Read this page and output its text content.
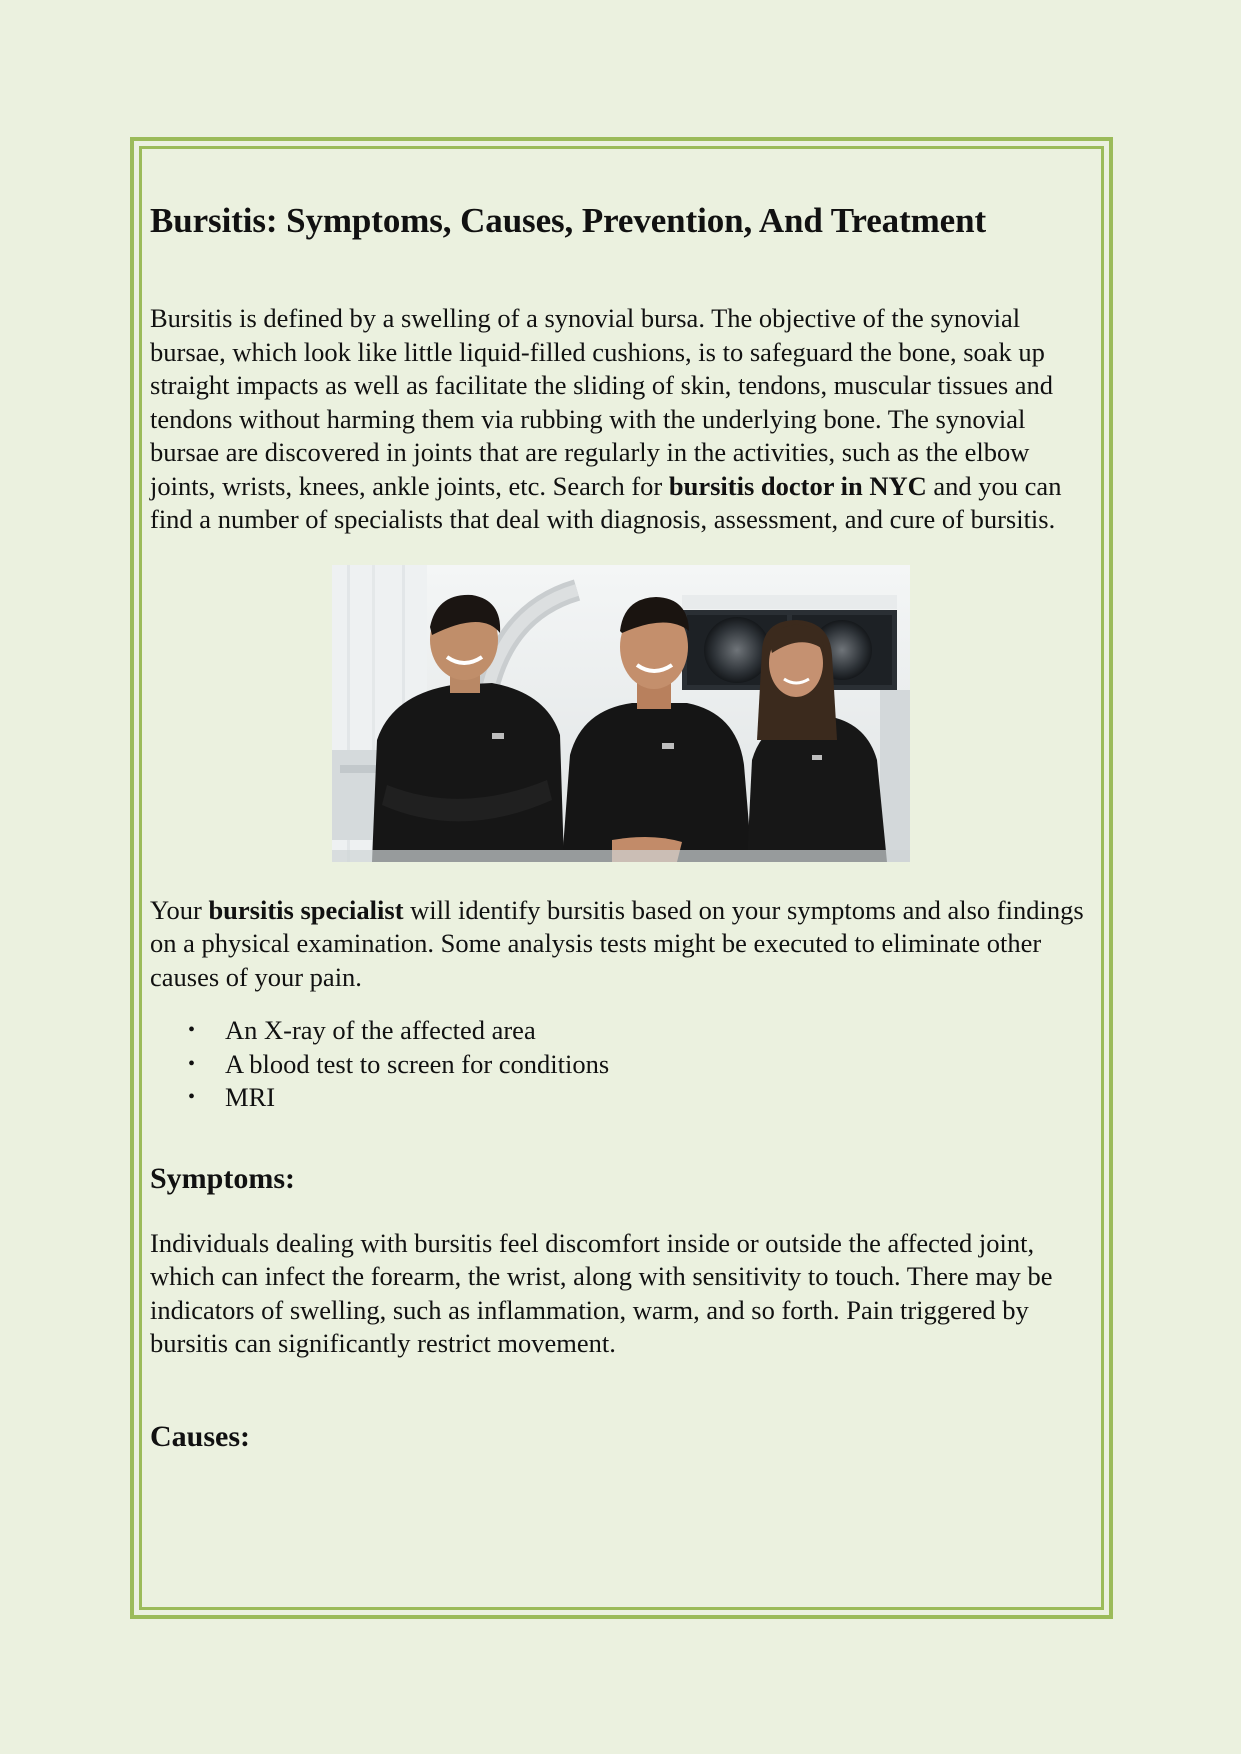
Bursitis: Symptoms, Causes, Prevention, And Treatment

Bursitis is defined by a swelling of a synovial bursa. The objective of the synovial bursae, which look like little liquid-filled cushions, is to safeguard the bone, soak up straight impacts as well as facilitate the sliding of skin, tendons, muscular tissues and tendons without harming them via rubbing with the underlying bone. The synovial bursae are discovered in joints that are regularly in the activities, such as the elbow joints, wrists, knees, ankle joints, etc. Search for bursitis doctor in NYC and you can find a number of specialists that deal with diagnosis, assessment, and cure of bursitis.

Your bursitis specialist will identify bursitis based on your symptoms and also findings on a physical examination. Some analysis tests might be executed to eliminate other causes of your pain.

• An X-ray of the affected area
• A blood test to screen for conditions
• MRI
Symptoms:

Individuals dealing with bursitis feel discomfort inside or outside the affected joint, which can infect the forearm, the wrist, along with sensitivity to touch. There may be indicators of swelling, such as inflammation, warm, and so forth. Pain triggered by bursitis can significantly restrict movement.

Causes:
